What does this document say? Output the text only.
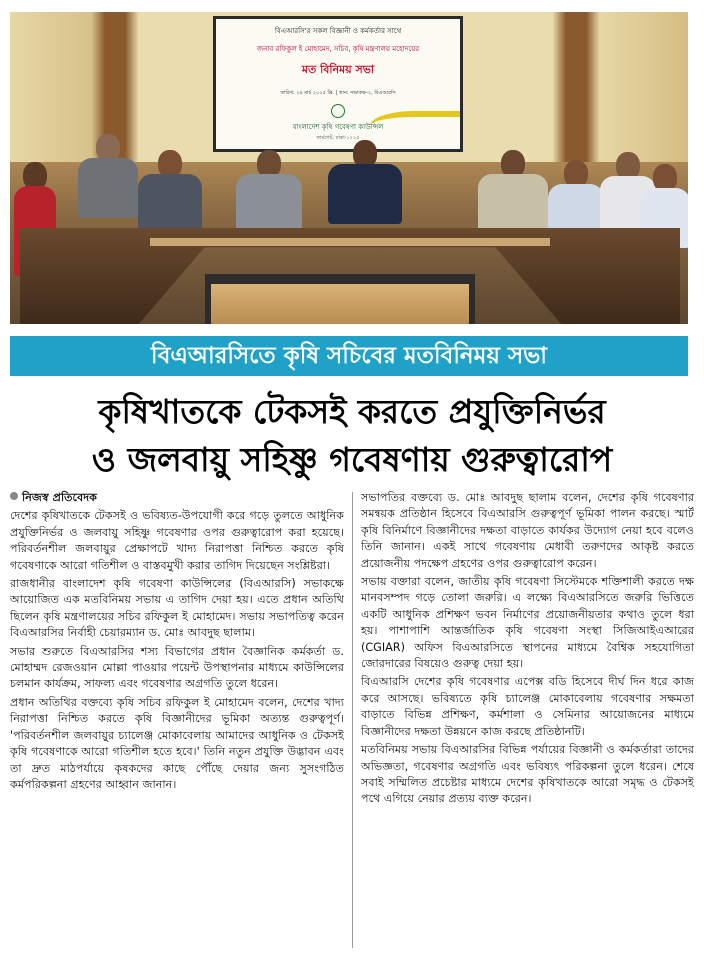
বিএআরসি'র সকল বিজ্ঞানী ও কর্মকর্তার সাথে
জনাব রফিকুল ই মোহামেদ, সচিব, কৃষি মন্ত্রণালয় মহোদয়ের
মত বিনিময় সভা
তারিখ: ২৪ মার্চ ২০২৫ খ্রি. | স্থান: সভাকক্ষ-২, বিএআরসি
বাংলাদেশ কৃষি গবেষণা কাউন্সিল
ফার্মগেট, ঢাকা-১২১৫
বিএআরসিতে কৃষি সচিবের মতবিনিময় সভা
কৃষিখাতকে টেকসই করতে প্রযুক্তিনির্ভর
ও জলবায়ু সহিষ্ণু গবেষণায় গুরুত্বারোপ
নিজস্ব প্রতিবেদক

দেশের কৃষিখাতকে টেকসই ও ভবিষ্যত-উপযোগী করে গড়ে তুলতে আধুনিক প্রযুক্তিনির্ভর ও জলবায়ু সহিষ্ণু গবেষণার ওপর গুরুত্বারোপ করা হয়েছে। পরিবর্তনশীল জলবায়ুর প্রেক্ষাপটে খাদ্য নিরাপত্তা নিশ্চিত করতে কৃষি গবেষণাকে আরো গতিশীল ও বাস্তবমুখী করার তাগিদ দিয়েছেন সংশ্লিষ্টরা।

রাজধানীর বাংলাদেশ কৃষি গবেষণা কাউন্সিলের (বিএআরসি) সভাকক্ষে আয়োজিত এক মতবিনিময় সভায় এ তাগিদ দেয়া হয়। এতে প্রধান অতিথি ছিলেন কৃষি মন্ত্রণালয়ের সচিব রফিকুল ই মোহামেদ। সভায় সভাপতিত্ব করেন বিএআরসির নির্বাহী চেয়ারম্যান ড. মোঃ আবদুছ ছালাম।

সভার শুরুতে বিএআরসির শস্য বিভাগের প্রধান বৈজ্ঞানিক কর্মকর্তা ড. মোহাম্মদ রেজওয়ান মোল্লা পাওয়ার পয়েন্ট উপস্থাপনার মাধ্যমে কাউন্সিলের চলমান কার্যক্রম, সাফল্য এবং গবেষণার অগ্রগতি তুলে ধরেন।

প্রধান অতিথির বক্তব্যে কৃষি সচিব রফিকুল ই মোহামেদ বলেন, দেশের খাদ্য নিরাপত্তা নিশ্চিত করতে কৃষি বিজ্ঞানীদের ভূমিকা অত্যন্ত গুরুত্বপূর্ণ। 'পরিবর্তনশীল জলবায়ুর চ্যালেঞ্জ মোকাবেলায় আমাদের আধুনিক ও টেকসই কৃষি গবেষণাকে আরো গতিশীল হতে হবে।' তিনি নতুন প্রযুক্তি উদ্ভাবন এবং তা দ্রুত মাঠপর্যায়ে কৃষকদের কাছে পৌঁছে দেয়ার জন্য সুসংগঠিত কর্মপরিকল্পনা গ্রহণের আহ্বান জানান।

সভাপতির বক্তব্যে ড. মোঃ আবদুছ ছালাম বলেন, দেশের কৃষি গবেষণার সমন্বয়ক প্রতিষ্ঠান হিসেবে বিএআরসি গুরুত্বপূর্ণ ভূমিকা পালন করছে। স্মার্ট কৃষি বিনির্মাণে বিজ্ঞানীদের দক্ষতা বাড়াতে কার্যকর উদ্যোগ নেয়া হবে বলেও তিনি জানান। একই সাথে গবেষণায় মেধাবী তরুণদের আকৃষ্ট করতে প্রয়োজনীয় পদক্ষেপ গ্রহণের ওপর গুরুত্বারোপ করেন।

সভায় বক্তারা বলেন, জাতীয় কৃষি গবেষণা সিস্টেমকে শক্তিশালী করতে দক্ষ মানবসম্পদ গড়ে তোলা জরুরি। এ লক্ষ্যে বিএআরসিতে জরুরি ভিত্তিতে একটি আধুনিক প্রশিক্ষণ ভবন নির্মাণের প্রয়োজনীয়তার কথাও তুলে ধরা হয়। পাশাপাশি আন্তর্জাতিক কৃষি গবেষণা সংস্থা সিজিআইএআরের (CGIAR) অফিস বিএআরসিতে স্থাপনের মাধ্যমে বৈশ্বিক সহযোগিতা জোরদারের বিষয়েও গুরুত্ব দেয়া হয়।

বিএআরসি দেশের কৃষি গবেষণার এপেক্স বডি হিসেবে দীর্ঘ দিন ধরে কাজ করে আসছে। ভবিষ্যতে কৃষি চ্যালেঞ্জ মোকাবেলায় গবেষণার সক্ষমতা বাড়াতে বিভিন্ন প্রশিক্ষণ, কর্মশালা ও সেমিনার আয়োজনের মাধ্যমে বিজ্ঞানীদের দক্ষতা উন্নয়নে কাজ করছে প্রতিষ্ঠানটি।

মতবিনিময় সভায় বিএআরসির বিভিন্ন পর্যায়ের বিজ্ঞানী ও কর্মকর্তারা তাদের অভিজ্ঞতা, গবেষণার অগ্রগতি এবং ভবিষ্যৎ পরিকল্পনা তুলে ধরেন। শেষে সবাই সম্মিলিত প্রচেষ্টার মাধ্যমে দেশের কৃষিখাতকে আরো সমৃদ্ধ ও টেকসই পথে এগিয়ে নেয়ার প্রত্যয় ব্যক্ত করেন।
